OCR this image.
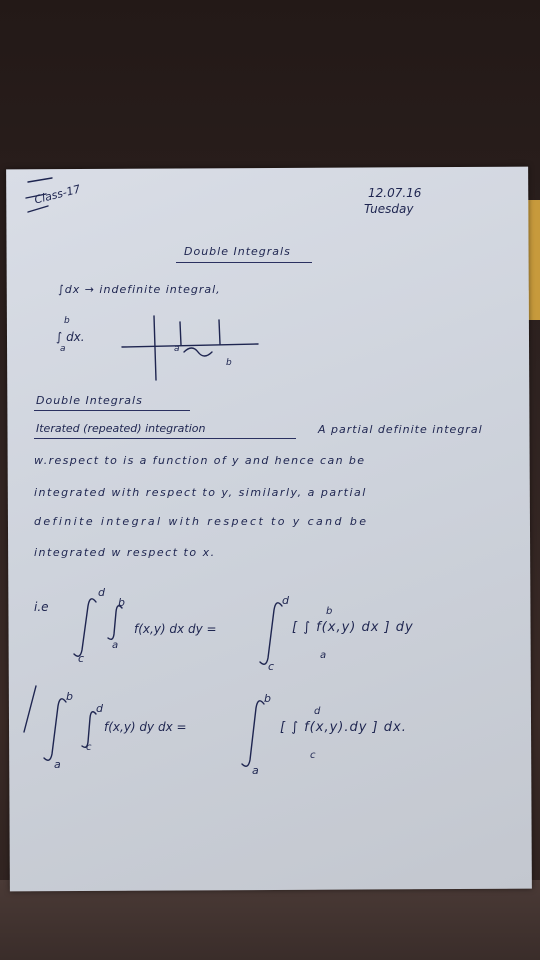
Class-17	12.07.16
Tuesday
Double Integrals
∫dx → indefinite integral,
∫ dx.
b
a	a
b
Double Integrals
Iterated (repeated) integration	A partial definite integral
w.respect to is a function of y and hence can be
integrated with respect to y, similarly, a partial
definite integral with respect to y cand be
integrated w respect to x.
i.e
d
c
b
a
f(x,y) dx dy =
d
c
b
a
[ ∫ f(x,y) dx ] dy
b
a
d
c
f(x,y) dy dx =
b
a
d
c
[ ∫ f(x,y).dy ] dx.
